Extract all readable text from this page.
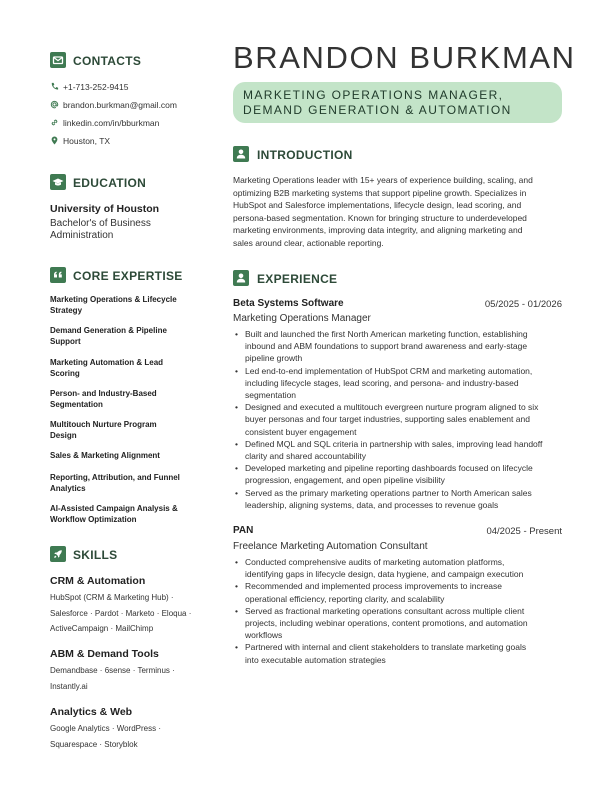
CONTACTS
+1-713-252-9415
brandon.burkman@gmail.com
linkedin.com/in/bburkman
Houston, TX
EDUCATION
University of Houston
Bachelor's of Business
Administration
CORE EXPERTISE
Marketing Operations & Lifecycle
Strategy
Demand Generation & Pipeline
Support
Marketing Automation & Lead
Scoring
Person- and Industry-Based
Segmentation
Multitouch Nurture Program
Design
Sales & Marketing Alignment
Reporting, Attribution, and Funnel
Analytics
AI-Assisted Campaign Analysis &
Workflow Optimization
SKILLS
CRM & Automation
HubSpot (CRM & Marketing Hub) ·
Salesforce · Pardot · Marketo · Eloqua ·
ActiveCampaign · MailChimp
ABM & Demand Tools
Demandbase · 6sense · Terminus ·
Instantly.ai
Analytics & Web
Google Analytics · WordPress ·
Squarespace · Storyblok
BRANDON BURKMAN
MARKETING OPERATIONS MANAGER,
DEMAND GENERATION & AUTOMATION
INTRODUCTION
Marketing Operations leader with 15+ years of experience building, scaling, and
optimizing B2B marketing systems that support pipeline growth. Specializes in
HubSpot and Salesforce implementations, lifecycle design, lead scoring, and
persona-based segmentation. Known for bringing structure to underdeveloped
marketing environments, improving data integrity, and aligning marketing and
sales around clear, actionable reporting.
EXPERIENCE
Beta Systems Software	05/2025 - 01/2026
Marketing Operations Manager
• Built and launched the first North American marketing function, establishing
inbound and ABM foundations to support brand awareness and early-stage
pipeline growth
• Led end-to-end implementation of HubSpot CRM and marketing automation,
including lifecycle stages, lead scoring, and persona- and industry-based
segmentation
• Designed and executed a multitouch evergreen nurture program aligned to six
buyer personas and four target industries, supporting sales enablement and
consistent buyer engagement
• Defined MQL and SQL criteria in partnership with sales, improving lead handoff
clarity and shared accountability
• Developed marketing and pipeline reporting dashboards focused on lifecycle
progression, engagement, and open pipeline visibility
• Served as the primary marketing operations partner to North American sales
leadership, aligning systems, data, and processes to revenue goals
PAN	04/2025 - Present
Freelance Marketing Automation Consultant
• Conducted comprehensive audits of marketing automation platforms,
identifying gaps in lifecycle design, data hygiene, and campaign execution
• Recommended and implemented process improvements to increase
operational efficiency, reporting clarity, and scalability
• Served as fractional marketing operations consultant across multiple client
projects, including webinar operations, content promotions, and automation
workflows
• Partnered with internal and client stakeholders to translate marketing goals
into executable automation strategies
